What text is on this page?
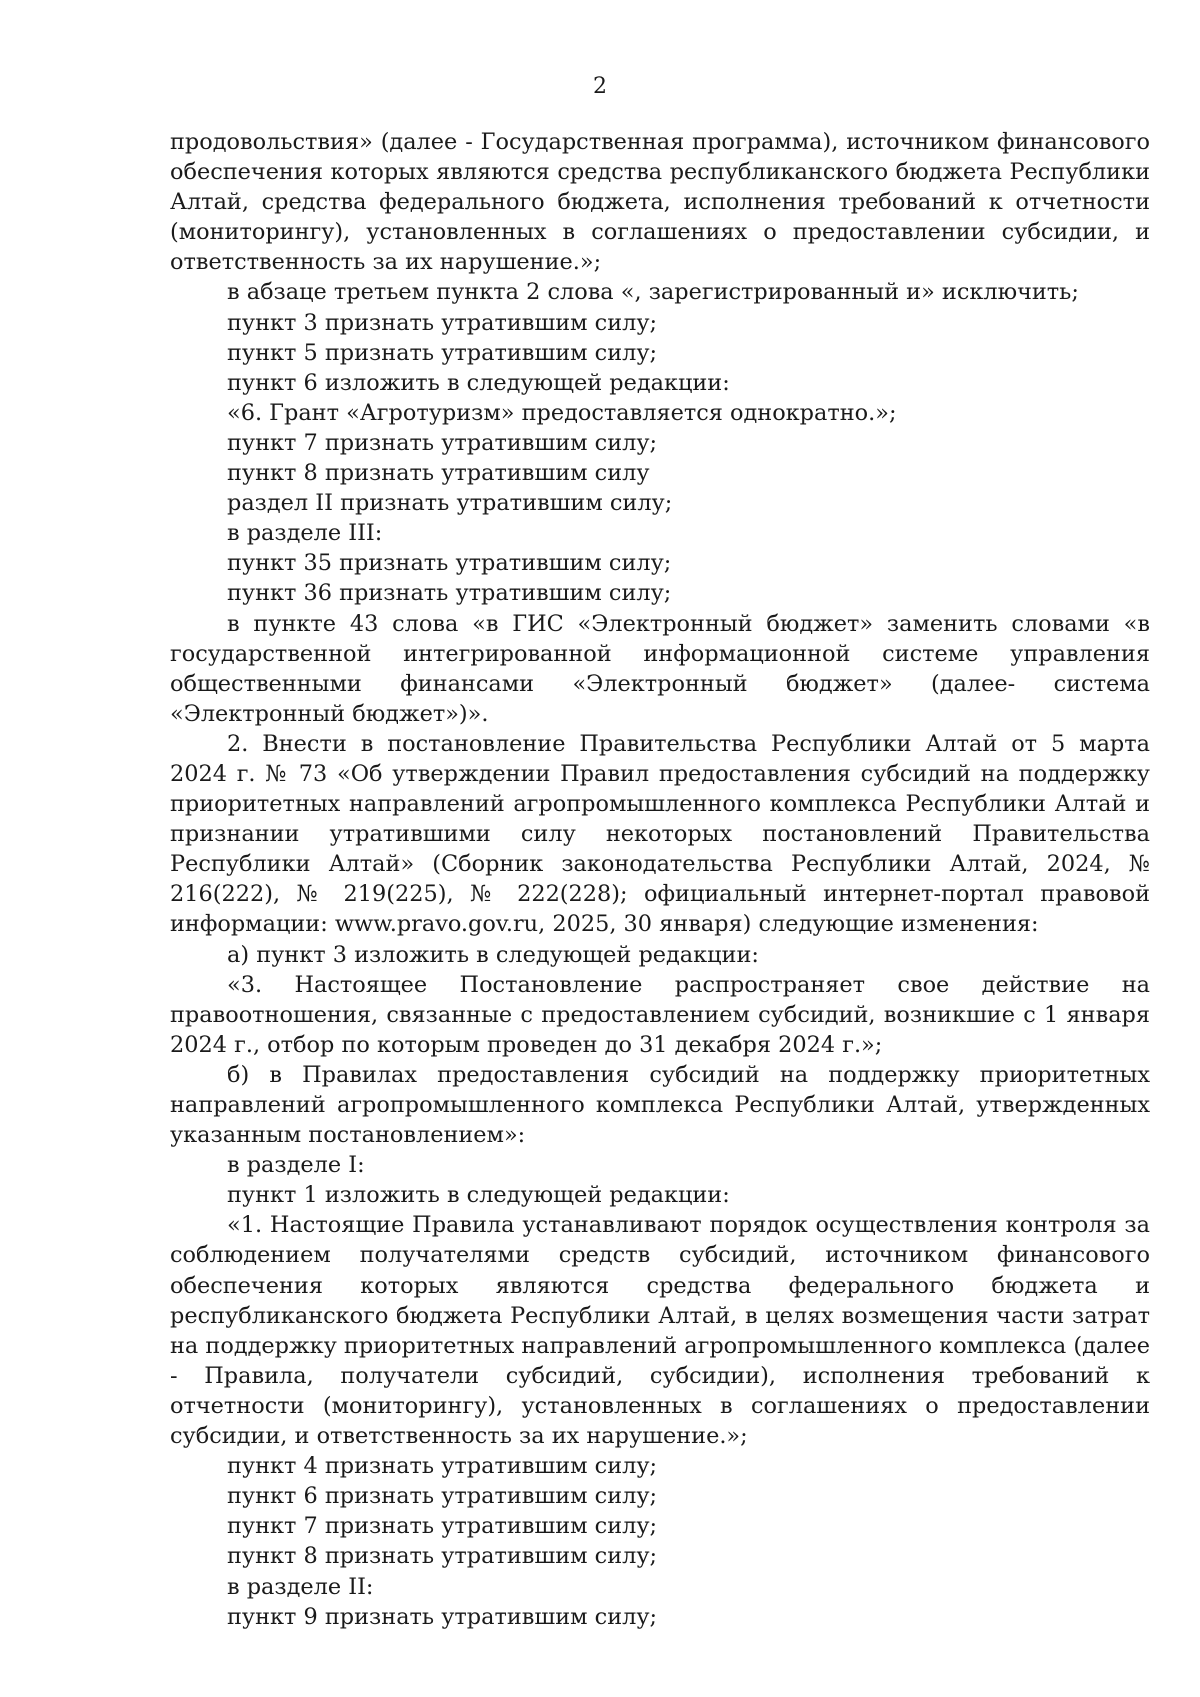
2

продовольствия» (далее - Государственная программа), источником финансового обеспечения которых являются средства республиканского бюджета Республики Алтай, средства федерального бюджета, исполнения требований к отчетности (мониторингу), установленных в соглашениях о предоставлении субсидии, и ответственность за их нарушение.»;

в абзаце третьем пункта 2 слова «, зарегистрированный и» исключить;

пункт 3 признать утратившим силу;

пункт 5 признать утратившим силу;

пункт 6 изложить в следующей редакции:

«6. Грант «Агротуризм» предоставляется однократно.»;

пункт 7 признать утратившим силу;

пункт 8 признать утратившим силу

раздел II признать утратившим силу;

в разделе III:

пункт 35 признать утратившим силу;

пункт 36 признать утратившим силу;

в пункте 43 слова «в ГИС «Электронный бюджет» заменить словами «в государственной интегрированной информационной системе управления общественными финансами «Электронный бюджет» (далее- система «Электронный бюджет»)».

2. Внести в постановление Правительства Республики Алтай от 5 марта 2024 г. № 73 «Об утверждении Правил предоставления субсидий на поддержку приоритетных направлений агропромышленного комплекса Республики Алтай и признании утратившими силу некоторых постановлений Правительства Республики Алтай» (Сборник законодательства Республики Алтай, 2024, № 216(222), № 219(225), № 222(228); официальный интернет-портал правовой информации: www.pravo.gov.ru, 2025, 30 января) следующие изменения:

а) пункт 3 изложить в следующей редакции:

«3. Настоящее Постановление распространяет свое действие на правоотношения, связанные с предоставлением субсидий, возникшие с 1 января 2024 г., отбор по которым проведен до 31 декабря 2024 г.»;

б) в Правилах предоставления субсидий на поддержку приоритетных направлений агропромышленного комплекса Республики Алтай, утвержденных указанным постановлением»:

в разделе I:

пункт 1 изложить в следующей редакции:

«1. Настоящие Правила устанавливают порядок осуществления контроля за соблюдением получателями средств субсидий, источником финансового обеспечения которых являются средства федерального бюджета и республиканского бюджета Республики Алтай, в целях возмещения части затрат на поддержку приоритетных направлений агропромышленного комплекса (далее - Правила, получатели субсидий, субсидии), исполнения требований к отчетности (мониторингу), установленных в соглашениях о предоставлении субсидии, и ответственность за их нарушение.»;

пункт 4 признать утратившим силу;

пункт 6 признать утратившим силу;

пункт 7 признать утратившим силу;

пункт 8 признать утратившим силу;

в разделе II:

пункт 9 признать утратившим силу;
